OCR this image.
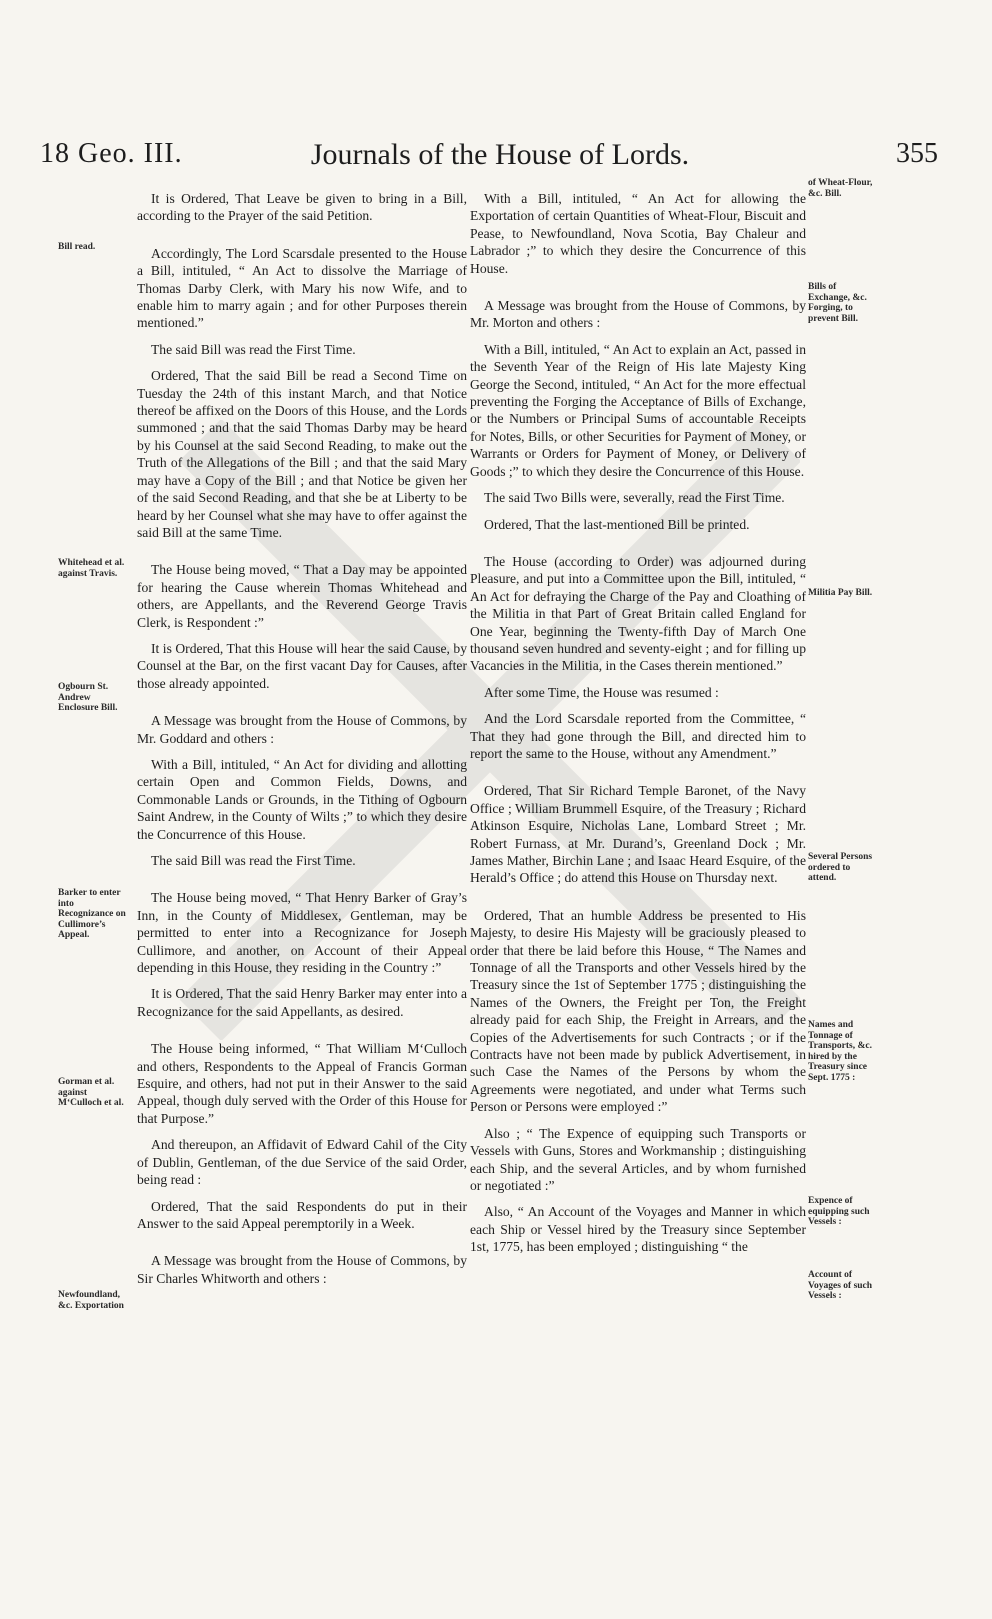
18 Geo. III.	Journals of the House of Lords.	355
Bill read.
Whitehead et al. against Travis.
Ogbourn St. Andrew Enclosure Bill.
Barker to enter into Recognizance on Cullimore’s Appeal.
Gorman et al. against M‘Culloch et al.
Newfoundland, &c. Exportation
of Wheat-Flour, &c. Bill.
Bills of Exchange, &c. Forging, to prevent Bill.
Militia Pay Bill.
Several Persons ordered to attend.
Names and Tonnage of Transports, &c. hired by the Treasury since Sept. 1775 :
Expence of equipping such Vessels :
Account of Voyages of such Vessels :

It is Ordered, That Leave be given to bring in a Bill, according to the Prayer of the said Petition.

Accordingly, The Lord Scarsdale presented to the House a Bill, intituled, “ An Act to dissolve the Marriage of Thomas Darby Clerk, with Mary his now Wife, and to enable him to marry again ; and for other Purposes therein mentioned.”

The said Bill was read the First Time.

Ordered, That the said Bill be read a Second Time on Tuesday the 24th of this instant March, and that Notice thereof be affixed on the Doors of this House, and the Lords summoned ; and that the said Thomas Darby may be heard by his Counsel at the said Second Reading, to make out the Truth of the Allegations of the Bill ; and that the said Mary may have a Copy of the Bill ; and that Notice be given her of the said Second Reading, and that she be at Liberty to be heard by her Counsel what she may have to offer against the said Bill at the same Time.

The House being moved, “ That a Day may be appointed for hearing the Cause wherein Thomas Whitehead and others, are Appellants, and the Reverend George Travis Clerk, is Respondent :”

It is Ordered, That this House will hear the said Cause, by Counsel at the Bar, on the first vacant Day for Causes, after those already appointed.

A Message was brought from the House of Commons, by Mr. Goddard and others :

With a Bill, intituled, “ An Act for dividing and allotting certain Open and Common Fields, Downs, and Commonable Lands or Grounds, in the Tithing of Ogbourn Saint Andrew, in the County of Wilts ;” to which they desire the Concurrence of this House.

The said Bill was read the First Time.

The House being moved, “ That Henry Barker of Gray’s Inn, in the County of Middlesex, Gentleman, may be permitted to enter into a Recognizance for Joseph Cullimore, and another, on Account of their Appeal depending in this House, they residing in the Country :”

It is Ordered, That the said Henry Barker may enter into a Recognizance for the said Appellants, as desired.

The House being informed, “ That William M‘Culloch and others, Respondents to the Appeal of Francis Gorman Esquire, and others, had not put in their Answer to the said Appeal, though duly served with the Order of this House for that Purpose.”

And thereupon, an Affidavit of Edward Cahil of the City of Dublin, Gentleman, of the due Service of the said Order, being read :

Ordered, That the said Respondents do put in their Answer to the said Appeal peremptorily in a Week.

A Message was brought from the House of Commons, by Sir Charles Whitworth and others :

With a Bill, intituled, “ An Act for allowing the Exportation of certain Quantities of Wheat-Flour, Biscuit and Pease, to Newfoundland, Nova Scotia, Bay Chaleur and Labrador ;” to which they desire the Concurrence of this House.

A Message was brought from the House of Commons, by Mr. Morton and others :

With a Bill, intituled, “ An Act to explain an Act, passed in the Seventh Year of the Reign of His late Majesty King George the Second, intituled, “ An Act for the more effectual preventing the Forging the Acceptance of Bills of Exchange, or the Numbers or Principal Sums of accountable Receipts for Notes, Bills, or other Securities for Payment of Money, or Warrants or Orders for Payment of Money, or Delivery of Goods ;” to which they desire the Concurrence of this House.

The said Two Bills were, severally, read the First Time.

Ordered, That the last-mentioned Bill be printed.

The House (according to Order) was adjourned during Pleasure, and put into a Committee upon the Bill, intituled, “ An Act for defraying the Charge of the Pay and Cloathing of the Militia in that Part of Great Britain called England for One Year, beginning the Twenty-fifth Day of March One thousand seven hundred and seventy-eight ; and for filling up Vacancies in the Militia, in the Cases therein mentioned.”

After some Time, the House was resumed :

And the Lord Scarsdale reported from the Committee, “ That they had gone through the Bill, and directed him to report the same to the House, without any Amendment.”

Ordered, That Sir Richard Temple Baronet, of the Navy Office ; William Brummell Esquire, of the Treasury ; Richard Atkinson Esquire, Nicholas Lane, Lombard Street ; Mr. Robert Furnass, at Mr. Durand’s, Greenland Dock ; Mr. James Mather, Birchin Lane ; and Isaac Heard Esquire, of the Herald’s Office ; do attend this House on Thursday next.

Ordered, That an humble Address be presented to His Majesty, to desire His Majesty will be graciously pleased to order that there be laid before this House, “ The Names and Tonnage of all the Transports and other Vessels hired by the Treasury since the 1st of September 1775 ; distinguishing the Names of the Owners, the Freight per Ton, the Freight already paid for each Ship, the Freight in Arrears, and the Copies of the Advertisements for such Contracts ; or if the Contracts have not been made by publick Advertisement, in such Case the Names of the Persons by whom the Agreements were negotiated, and under what Terms such Person or Persons were employed :”

Also ; “ The Expence of equipping such Transports or Vessels with Guns, Stores and Workmanship ; distinguishing each Ship, and the several Articles, and by whom furnished or negotiated :”

Also, “ An Account of the Voyages and Manner in which each Ship or Vessel hired by the Treasury since September 1st, 1775, has been employed ; distinguishing “ the
